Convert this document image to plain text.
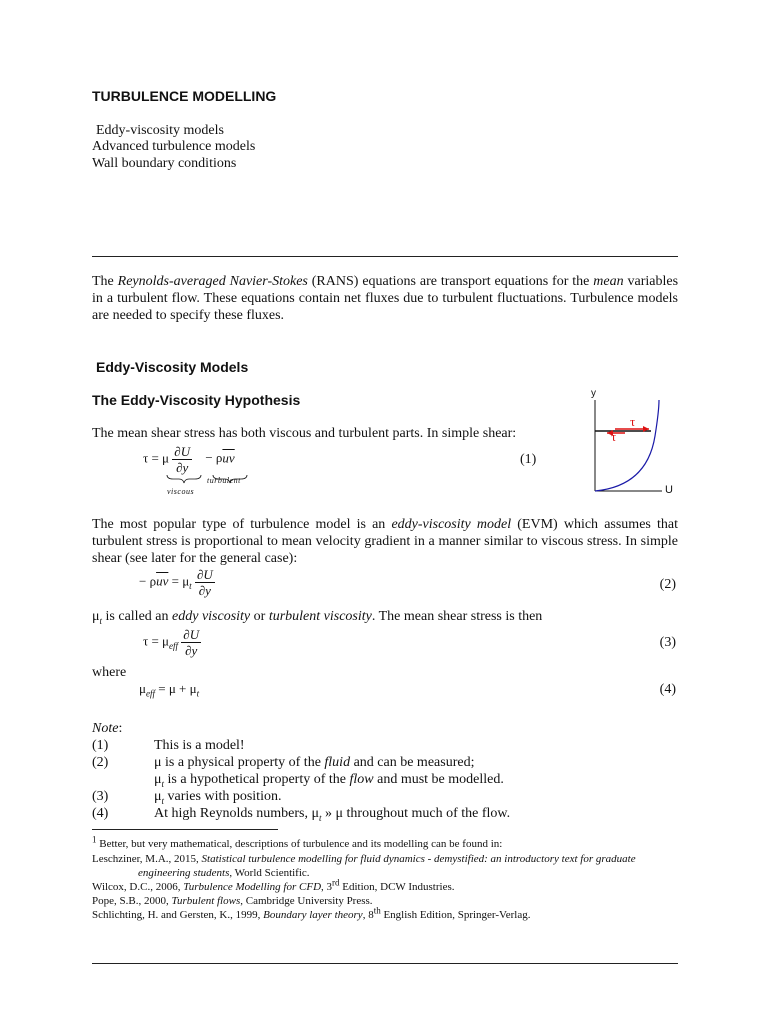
TURBULENCE MODELLING
Eddy-viscosity models
Advanced turbulence models
Wall boundary conditions
The Reynolds-averaged Navier-Stokes (RANS) equations are transport equations for the mean variables in a turbulent flow. These equations contain net fluxes due to turbulent fluctuations. Turbulence models are needed to specify these fluxes.
Eddy-Viscosity Models
The Eddy-Viscosity Hypothesis
The mean shear stress has both viscous and turbulent parts. In simple shear:
τ = μ $\frac{\partial U}{\partial y} - \rho\overline{uv}$
turbulent
viscous
(1)
y
U
τ
τ
The most popular type of turbulence model is an eddy-viscosity model (EVM) which assumes that turbulent stress is proportional to mean velocity gradient in a manner similar to viscous stress. In simple shear (see later for the general case):
− $\rho\overline{uv} = \mu_t \frac{\partial U}{\partial y}$	(2)
$\mu_t$ is called an eddy viscosity or turbulent viscosity. The mean shear stress is then
$\tau = \mu_{eff} \frac{\partial U}{\partial y}$	(3)
where
$\mu_{eff} = \mu + \mu_t$	(4)
Note:
(1)	This is a model!
(2)	μ is a physical property of the fluid and can be measured;
$\mu_t$ is a hypothetical property of the flow and must be modelled.
(3)	$\mu_t$ varies with position.
(4)	At high Reynolds numbers, $\mu_t$ » μ throughout much of the flow.
$^1$ Better, but very mathematical, descriptions of turbulence and its modelling can be found in:
Leschziner, M.A., 2015, Statistical turbulence modelling for fluid dynamics - demystified: an introductory text for graduate engineering students, World Scientific.
Wilcox, D.C., 2006, Turbulence Modelling for CFD, 3rd Edition, DCW Industries.
Pope, S.B., 2000, Turbulent flows, Cambridge University Press.
Schlichting, H. and Gersten, K., 1999, Boundary layer theory, 8th English Edition, Springer-Verlag.
